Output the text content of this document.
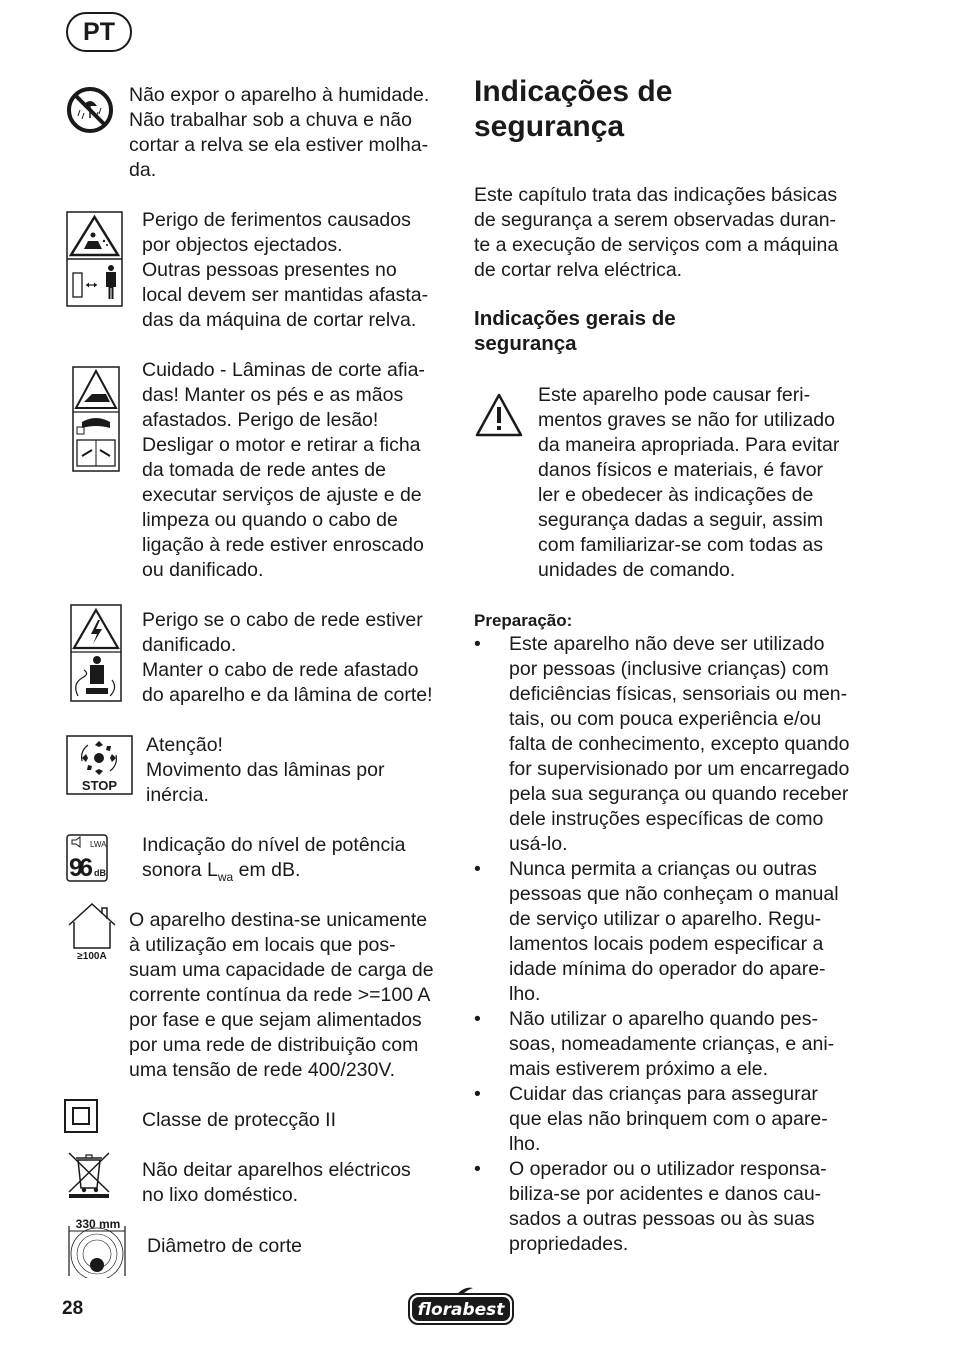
PT

Não expor o aparelho à humidade.
Não trabalhar sob a chuva e não
cortar a relva se ela estiver molha-
da.

Perigo de ferimentos causados
por objectos ejectados.
Outras pessoas presentes no
local devem ser mantidas afasta-
das da máquina de cortar relva.

Cuidado - Lâminas de corte afia-
das! Manter os pés e as mãos
afastados. Perigo de lesão!
Desligar o motor e retirar a ficha
da tomada de rede antes de
executar serviços de ajuste e de
limpeza ou quando o cabo de
ligação à rede estiver enroscado
ou danificado.

Perigo se o cabo de rede estiver
danificado.
Manter o cabo de rede afastado
do aparelho e da lâmina de corte!

STOP

Atenção!
Movimento das lâminas por
inércia.

LWA
96 dB

Indicação do nível de potência
sonora $L_{wa}$ em dB.

≥100A

O aparelho destina-se unicamente
à utilização em locais que pos-
suam uma capacidade de carga de
corrente contínua da rede >=100 A
por fase e que sejam alimentados
por uma rede de distribuição com
uma tensão de rede 400/230V.

Classe de protecção II

Não deitar aparelhos eléctricos
no lixo doméstico.

330 mm

Diâmetro de corte

Indicações de
segurança

Este capítulo trata das indicações básicas
de segurança a serem observadas duran-
te a execução de serviços com a máquina
de cortar relva eléctrica.

Indicações gerais de
segurança

Este aparelho pode causar feri-
mentos graves se não for utilizado
da maneira apropriada. Para evitar
danos físicos e materiais, é favor
ler e obedecer às indicações de
segurança dadas a seguir, assim
com familiarizar-se com todas as
unidades de comando.

Preparação:

• Este aparelho não deve ser utilizado
por pessoas (inclusive crianças) com
deficiências físicas, sensoriais ou men-
tais, ou com pouca experiência e/ou
falta de conhecimento, excepto quando
for supervisionado por um encarregado
pela sua segurança ou quando receber
dele instruções específicas de como
usá-lo.
• Nunca permita a crianças ou outras
pessoas que não conheçam o manual
de serviço utilizar o aparelho. Regu-
lamentos locais podem especificar a
idade mínima do operador do apare-
lho.
• Não utilizar o aparelho quando pes-
soas, nomeadamente crianças, e ani-
mais estiverem próximo a ele.
• Cuidar das crianças para assegurar
que elas não brinquem com o apare-
lho.
• O operador ou o utilizador responsa-
biliza-se por acidentes e danos cau-
sados a outras pessoas ou às suas
propriedades.
28	florabest
